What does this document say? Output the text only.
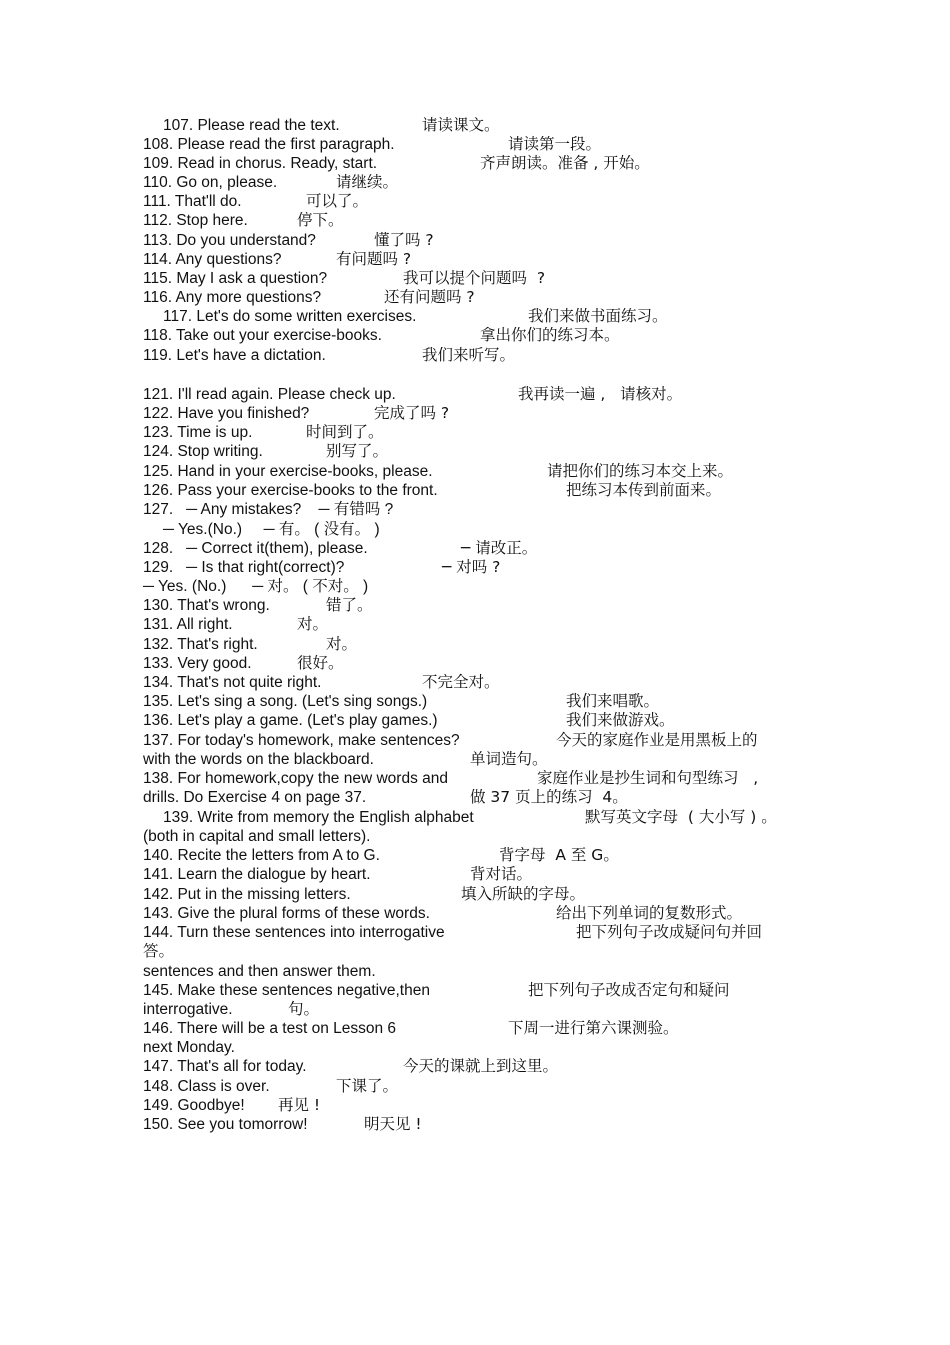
107. Please read the text.	请读课文。
108. Please read the first paragraph.	请读第一段。
109. Read in chorus. Ready, start.	齐声朗读。准备 , 开始。
110. Go on, please.	请继续。
111. That'll do.	可以了。
112. Stop here.	停下。
113. Do you understand?	懂了吗 ?
114. Any questions?	有问题吗 ?
115. May I ask a question?	我可以提个问题吗  ?
116. Any more questions?	还有问题吗 ?
117. Let's do some written exercises.	我们来做书面练习。
118. Take out your exercise-books.	拿出你们的练习本。
119. Let's have a dictation.	我们来听写。
121. I'll read again. Please check up.	我再读一遍 ,   请核对。
122. Have you finished?	完成了吗 ?
123. Time is up.	时间到了。
124. Stop writing.	别写了。
125. Hand in your exercise-books, please.	请把你们的练习本交上来。
126. Pass your exercise-books to the front.	把练习本传到前面来。
127.   ─ Any mistakes?    ─ 有错吗 ?
─ Yes.(No.)     ─ 有。 ( 没有。 )
128.   ─ Correct it(them), please.	─ 请改正。
129.   ─ Is that right(correct)?	─ 对吗 ?
─ Yes. (No.)      ─ 对。 ( 不对。 )
130. That's wrong.	错了。
131. All right.	对。
132. That's right.	对。
133. Very good.	很好。
134. That's not quite right.	不完全对。
135. Let's sing a song. (Let's sing songs.)	我们来唱歌。
136. Let's play a game. (Let's play games.)	我们来做游戏。
137. For today's homework, make sentences?	今天的家庭作业是用黑板上的
with the words on the blackboard.	单词造句。
138. For homework,copy the new words and	家庭作业是抄生词和句型练习   ,
drills. Do Exercise 4 on page 37.	做 37 页上的练习  4。
139. Write from memory the English alphabet	默写英文字母  ( 大小写 ) 。
(both in capital and small letters).
140. Recite the letters from A to G.	背字母  A 至 G。
141. Learn the dialogue by heart.	背对话。
142. Put in the missing letters.	填入所缺的字母。
143. Give the plural forms of these words.	给出下列单词的复数形式。
144. Turn these sentences into interrogative	把下列句子改成疑问句并回
答。
sentences and then answer them.
145. Make these sentences negative,then	把下列句子改成否定句和疑问
interrogative.	句。
146. There will be a test on Lesson 6	下周一进行第六课测验。
next Monday.
147. That's all for today.	今天的课就上到这里。
148. Class is over.	下课了。
149. Goodbye! 再见 !
150. See you tomorrow!	明天见 !
